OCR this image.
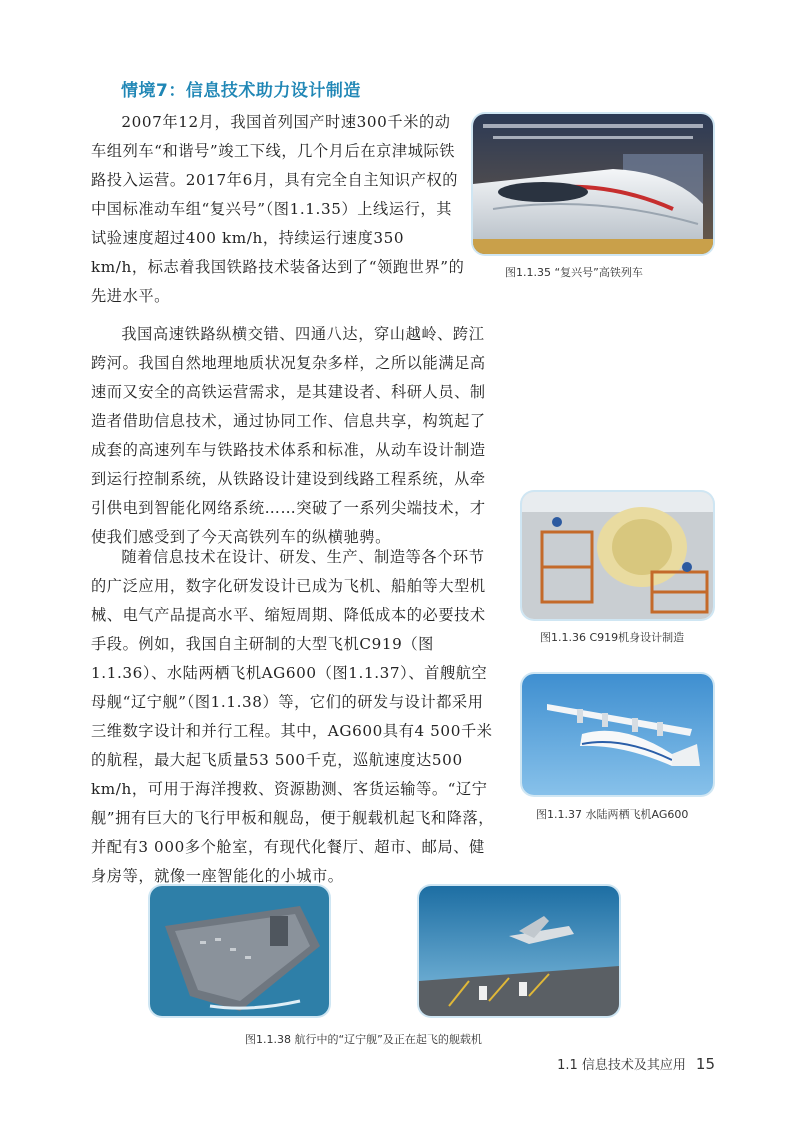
情境7：信息技术助力设计制造

2007年12月，我国首列国产时速300千米的动车组列车“和谐号”竣工下线，几个月后在京津城际铁路投入运营。2017年6月，具有完全自主知识产权的中国标准动车组“复兴号”（图1.1.35）上线运行，其试验速度超过400 km/h，持续运行速度350 km/h，标志着我国铁路技术装备达到了“领跑世界”的先进水平。

我国高速铁路纵横交错、四通八达，穿山越岭、跨江跨河。我国自然地理地质状况复杂多样，之所以能满足高速而又安全的高铁运营需求，是其建设者、科研人员、制造者借助信息技术，通过协同工作、信息共享，构筑起了成套的高速列车与铁路技术体系和标准，从动车设计制造到运行控制系统，从铁路设计建设到线路工程系统，从牵引供电到智能化网络系统……突破了一系列尖端技术，才使我们感受到了今天高铁列车的纵横驰骋。

随着信息技术在设计、研发、生产、制造等各个环节的广泛应用，数字化研发设计已成为飞机、船舶等大型机械、电气产品提高水平、缩短周期、降低成本的必要技术手段。例如，我国自主研制的大型飞机C919（图1.1.36）、水陆两栖飞机AG600（图1.1.37）、首艘航空母舰“辽宁舰”（图1.1.38）等，它们的研发与设计都采用三维数字设计和并行工程。其中，AG600具有4 500千米的航程，最大起飞质量53 500千克，巡航速度达500 km/h，可用于海洋搜救、资源勘测、客货运输等。“辽宁舰”拥有巨大的飞行甲板和舰岛，便于舰载机起飞和降落，并配有3 000多个舱室，有现代化餐厅、超市、邮局、健身房等，就像一座智能化的小城市。

图1.1.35 “复兴号”高铁列车
图1.1.36 C919机身设计制造
图1.1.37 水陆两栖飞机AG600
图1.1.38 航行中的“辽宁舰”及正在起飞的舰载机
1.1 信息技术及其应用 15
